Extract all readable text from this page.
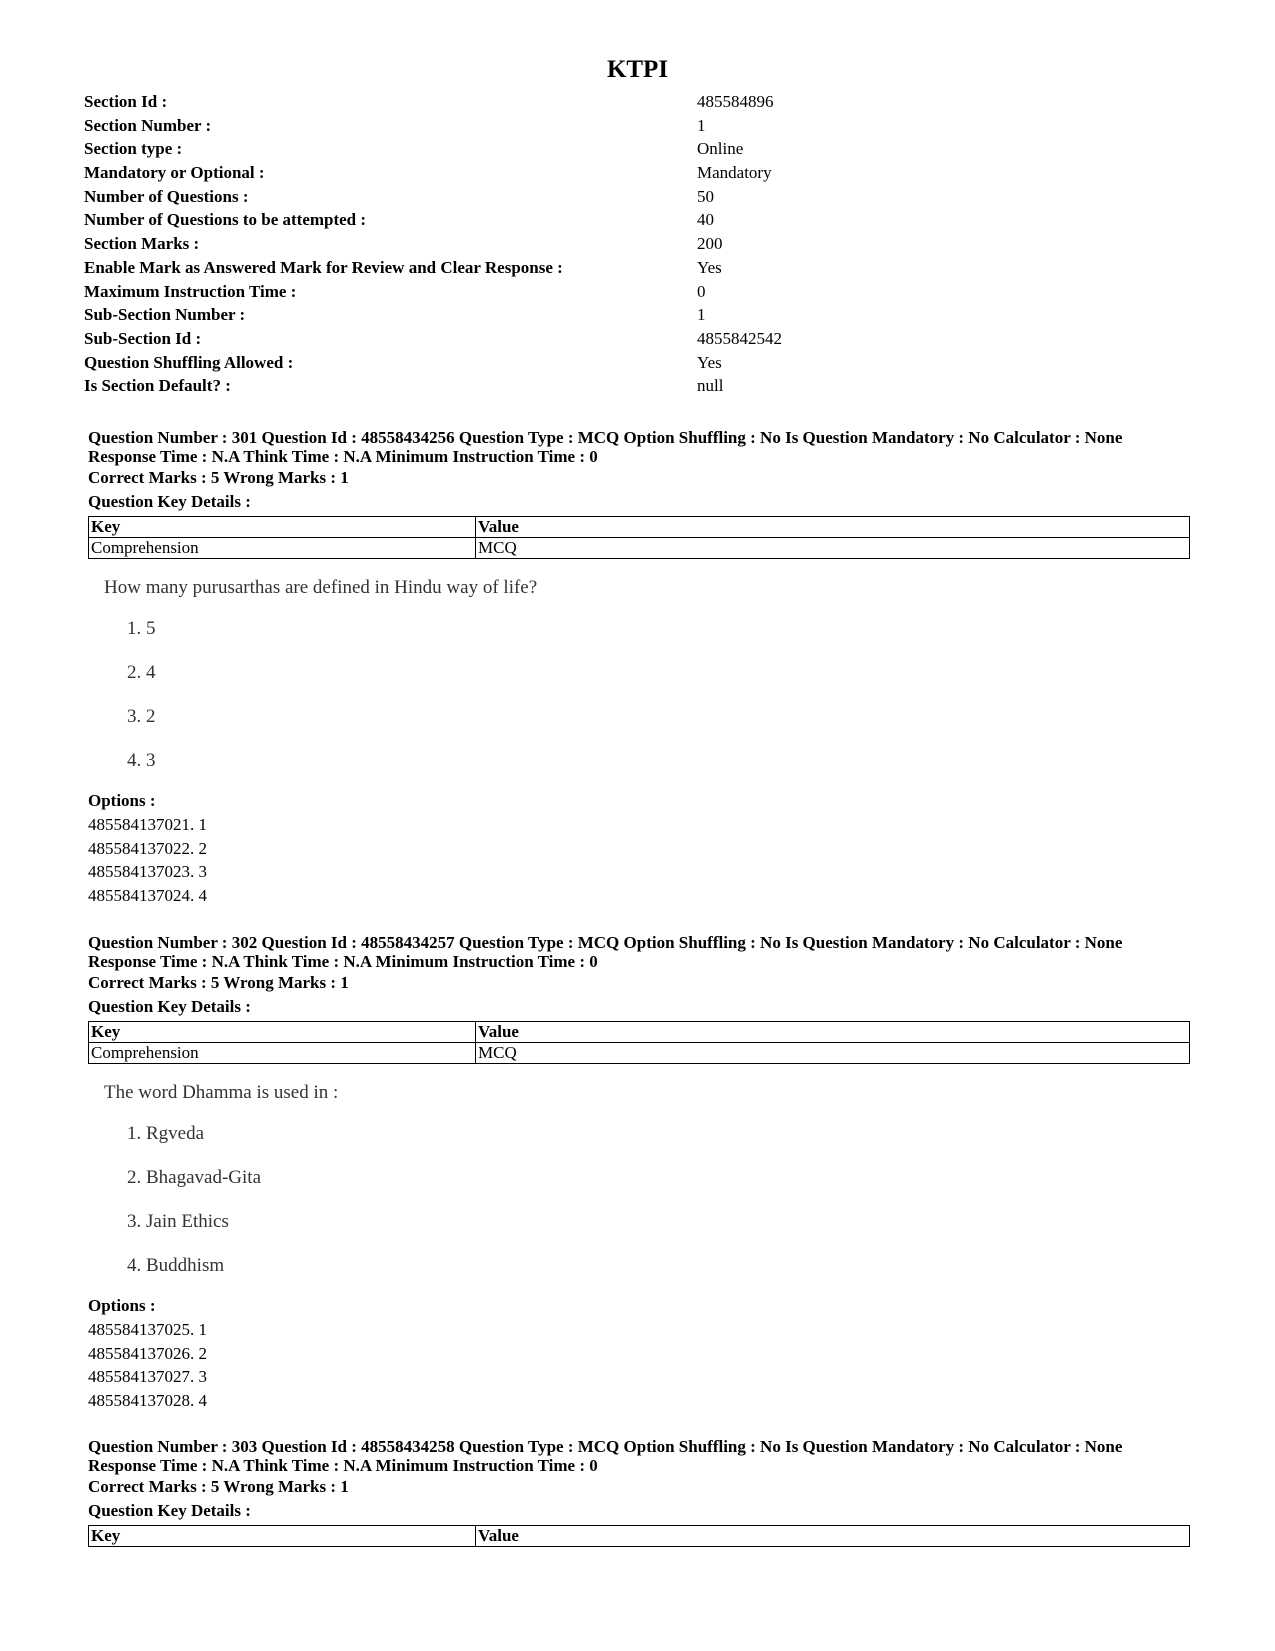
KTPI
Section Id :	485584896
Section Number :	1
Section type :	Online
Mandatory or Optional :	Mandatory
Number of Questions :	50
Number of Questions to be attempted :	40
Section Marks :	200
Enable Mark as Answered Mark for Review and Clear Response :	Yes
Maximum Instruction Time :	0
Sub-Section Number :	1
Sub-Section Id :	4855842542
Question Shuffling Allowed :	Yes
Is Section Default? :	null
Question Number : 301 Question Id : 48558434256 Question Type : MCQ Option Shuffling : No Is Question Mandatory : No Calculator : None
Response Time : N.A Think Time : N.A Minimum Instruction Time : 0
Correct Marks : 5 Wrong Marks : 1
Question Key Details :
Key	Value
Comprehension	MCQ
How many purusarthas are defined in Hindu way of life?
1. 5
2. 4
3. 2
4. 3
Options :
485584137021. 1
485584137022. 2
485584137023. 3
485584137024. 4
Question Number : 302 Question Id : 48558434257 Question Type : MCQ Option Shuffling : No Is Question Mandatory : No Calculator : None
Response Time : N.A Think Time : N.A Minimum Instruction Time : 0
Correct Marks : 5 Wrong Marks : 1
Question Key Details :
Key	Value
Comprehension	MCQ
The word Dhamma is used in :
1. Rgveda
2. Bhagavad-Gita
3. Jain Ethics
4. Buddhism
Options :
485584137025. 1
485584137026. 2
485584137027. 3
485584137028. 4
Question Number : 303 Question Id : 48558434258 Question Type : MCQ Option Shuffling : No Is Question Mandatory : No Calculator : None
Response Time : N.A Think Time : N.A Minimum Instruction Time : 0
Correct Marks : 5 Wrong Marks : 1
Question Key Details :
Key	Value
